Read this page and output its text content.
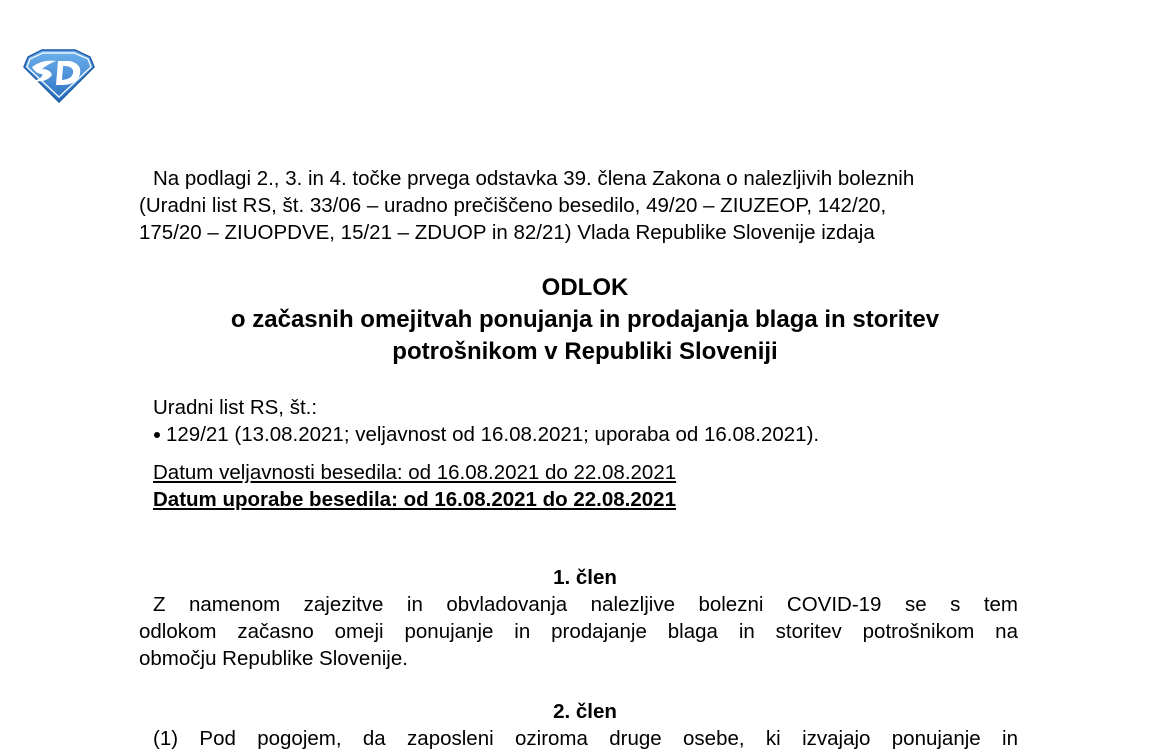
Na podlagi 2., 3. in 4. točke prvega odstavka 39. člena Zakona o nalezljivih boleznih

(Uradni list RS, št. 33/06 – uradno prečiščeno besedilo, 49/20 – ZIUZEOP, 142/20,

175/20 – ZIUOPDVE, 15/21 – ZDUOP in 82/21) Vlada Republike Slovenije izdaja

ODLOK
o začasnih omejitvah ponujanja in prodajanja blaga in storitev
potrošnikom v Republiki Sloveniji

Uradni list RS, št.:

129/21 (13.08.2021; veljavnost od 16.08.2021; uporaba od 16.08.2021).

Datum veljavnosti besedila: od 16.08.2021 do 22.08.2021

Datum uporabe besedila: od 16.08.2021 do 22.08.2021

1. člen

Z namenom zajezitve in obvladovanja nalezljive bolezni COVID-19 se s tem

odlokom začasno omeji ponujanje in prodajanje blaga in storitev potrošnikom na

območju Republike Slovenije.

2. člen

(1) Pod pogojem, da zaposleni oziroma druge osebe, ki izvajajo ponujanje in
